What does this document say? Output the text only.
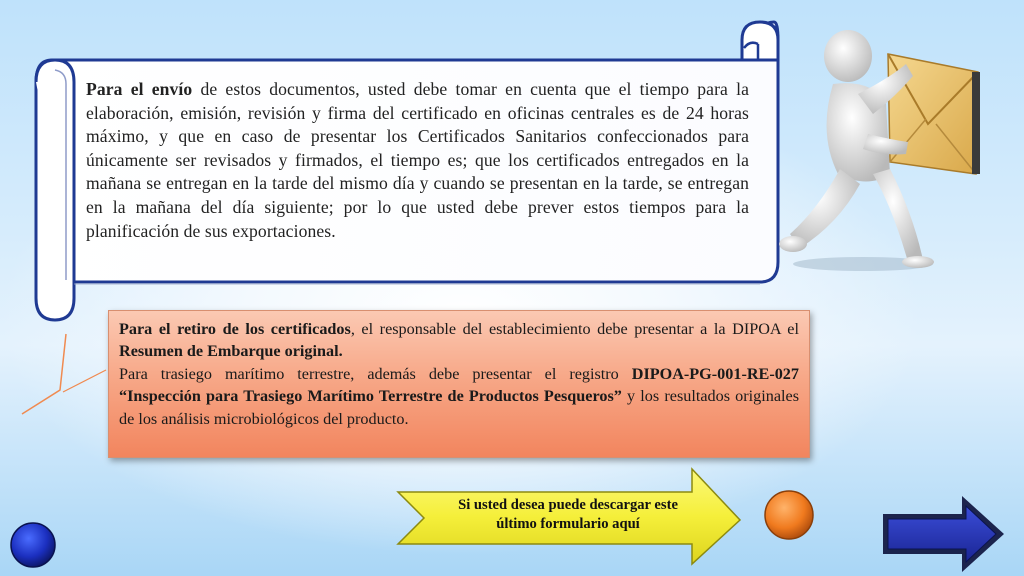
Para el envío de estos documentos, usted debe tomar en cuenta que el tiempo para la elaboración, emisión, revisión y firma del certificado en oficinas centrales es de 24 horas máximo, y que en caso de presentar los Certificados Sanitarios confeccionados para únicamente ser revisados y firmados, el tiempo es; que los certificados entregados en la mañana se entregan en la tarde del mismo día y cuando se presentan en la tarde, se entregan en la mañana del día siguiente; por lo que usted debe prever estos tiempos para la planificación de sus exportaciones.

Para el retiro de los certificados, el responsable del establecimiento debe presentar a la DIPOA el Resumen de Embarque original.

Para trasiego marítimo terrestre, además debe presentar el registro DIPOA-PG-001-RE-027 “Inspección para Trasiego Marítimo Terrestre de Productos Pesqueros” y los resultados originales de los análisis microbiológicos del producto.

Si usted desea puede descargar este último formulario aquí
